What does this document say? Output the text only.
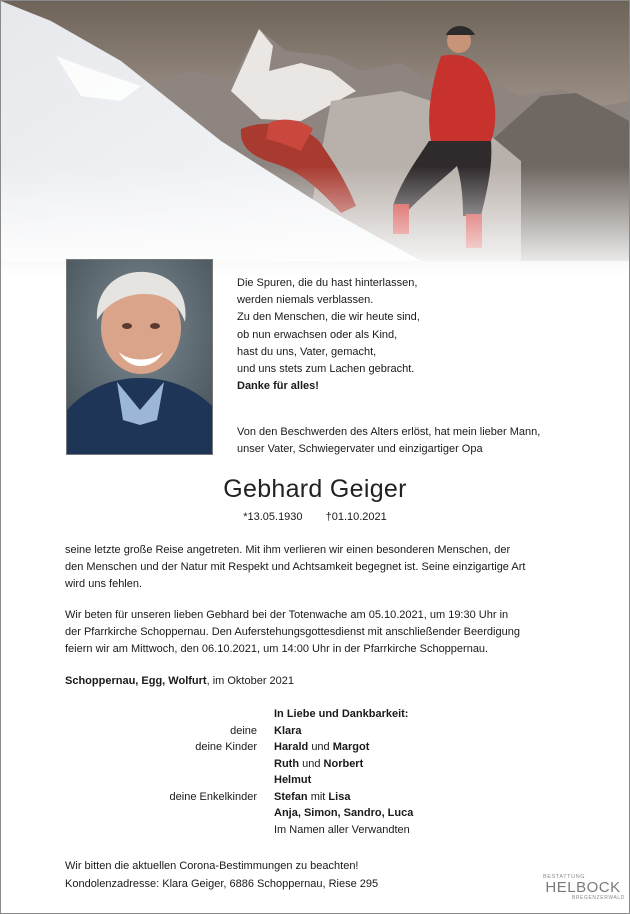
Die Spuren, die du hast hinterlassen,
werden niemals verblassen.
Zu den Menschen, die wir heute sind,
ob nun erwachsen oder als Kind,
hast du uns, Vater, gemacht,
und uns stets zum Lachen gebracht.
Danke für alles!
Von den Beschwerden des Alters erlöst, hat mein lieber Mann,
unser Vater, Schwiegervater und einzigartiger Opa
Gebhard Geiger
*13.05.1930 †01.10.2021
seine letzte große Reise angetreten. Mit ihm verlieren wir einen besonderen Menschen, der
den Menschen und der Natur mit Respekt und Achtsamkeit begegnet ist. Seine einzigartige Art
wird uns fehlen.
Wir beten für unseren lieben Gebhard bei der Totenwache am 05.10.2021, um 19:30 Uhr in
der Pfarrkirche Schoppernau. Den Auferstehungsgottesdienst mit anschließender Beerdigung
feiern wir am Mittwoch, den 06.10.2021, um 14:00 Uhr in der Pfarrkirche Schoppernau.
Schoppernau, Egg, Wolfurt, im Oktober 2021
In Liebe und Dankbarkeit:
deine Klara
deine Kinder Harald und Margot
Ruth und Norbert
Helmut
deine Enkelkinder Stefan mit Lisa
Anja, Simon, Sandro, Luca
Im Namen aller Verwandten
Wir bitten die aktuellen Corona-Bestimmungen zu beachten!
Kondolenzadresse: Klara Geiger, 6886 Schoppernau, Riese 295
BESTATTUNG
HELBOCK
BREGENZERWALD
